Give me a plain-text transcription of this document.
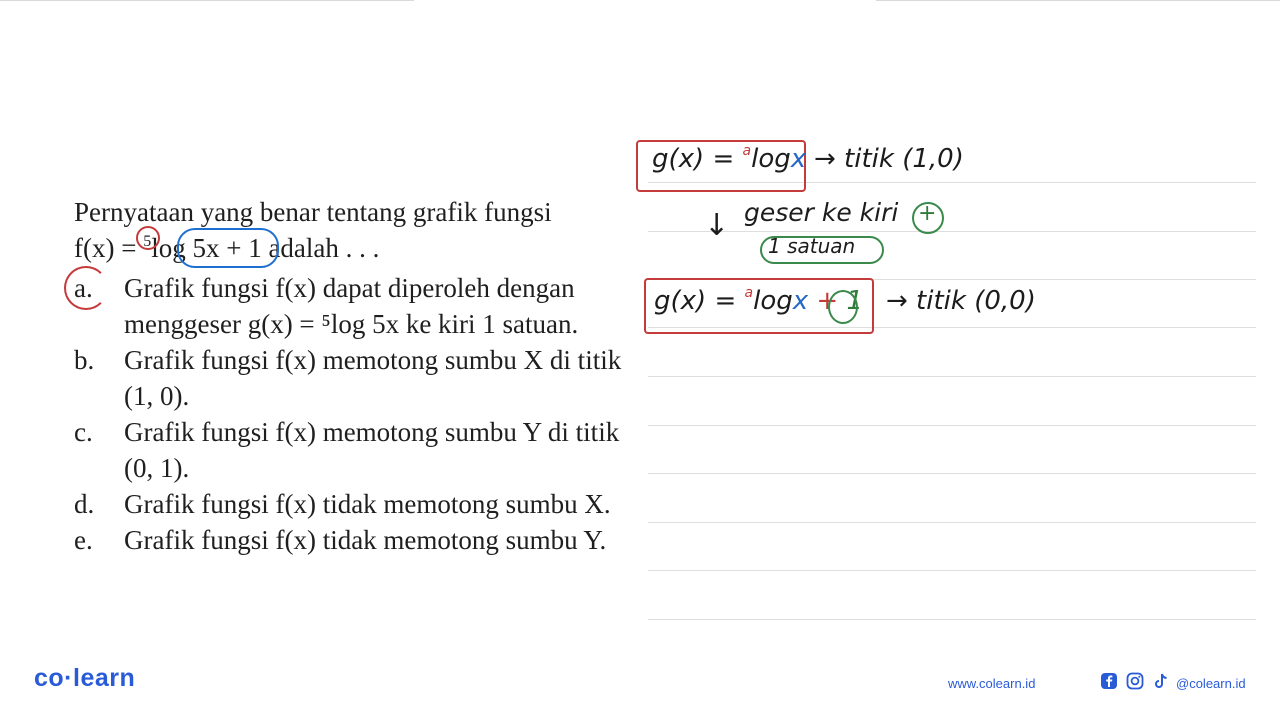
Pernyataan yang benar tentang grafik fungsi
f(x) = $^5$log 5x + 1 adalah . . .
a.	Grafik fungsi f(x) dapat diperoleh dengan
menggeser g(x) = ⁵log 5x ke kiri 1 satuan.
b.	Grafik fungsi f(x) memotong sumbu X di titik
(1, 0).
c.	Grafik fungsi f(x) memotong sumbu Y di titik
(0, 1).
d.	Grafik fungsi f(x) tidak memotong sumbu X.
e.	Grafik fungsi f(x) tidak memotong sumbu Y.
g(x) = $^a$logx → titik (1,0)
↓ geser ke kiri +
1 satuan
g(x) = $^a$logx + 1 → titik (0,0)
co·learn	www.colearn.id	@colearn.id
